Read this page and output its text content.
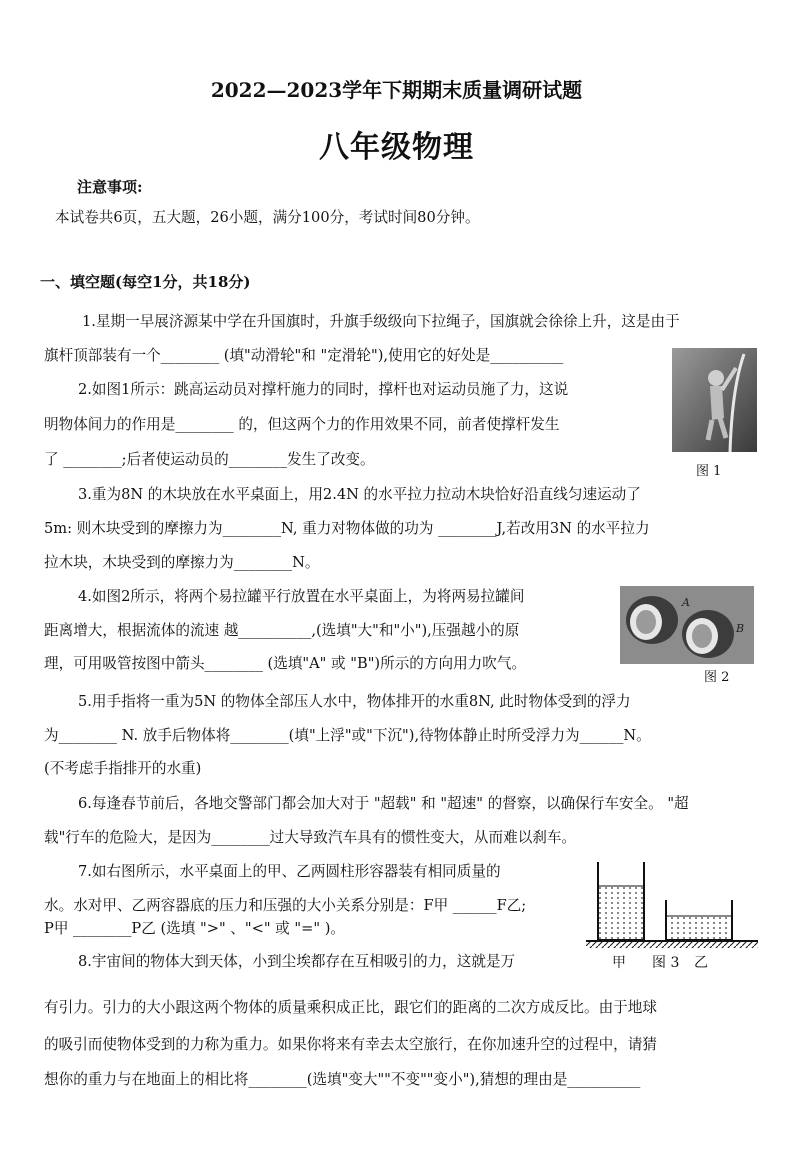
2022—2023学年下期期末质量调研试题
八年级物理
注意事项:
本试卷共6页，五大题，26小题，满分100分，考试时间80分钟。
一、填空题(每空1分，共18分)
1.星期一早展济源某中学在升国旗时，升旗手级级向下拉绳子，国旗就会徐徐上升，这是由于
旗杆顶部装有一个________ (填"动滑轮"和 "定滑轮"),使用它的好处是__________
2.如图1所示：跳高运动员对撑杆施力的同时，撑杆也对运动员施了力，这说
明物体间力的作用是________ 的，但这两个力的作用效果不同，前者使撑杆发生
了 ________;后者使运动员的________发生了改变。
3.重为8N 的木块放在水平桌面上，用2.4N 的水平拉力拉动木块恰好沿直线匀速运动了
5m: 则木块受到的摩擦力为________N, 重力对物体做的功为 ________J,若改用3N 的水平拉力
拉木块，木块受到的摩擦力为________N。
4.如图2所示，将两个易拉罐平行放置在水平桌面上，为将两易拉罐间
距离增大，根据流体的流速 越__________,(选填"大"和"小"),压强越小的原
理，可用吸管按图中箭头________ (选填"A" 或 "B")所示的方向用力吹气。
5.用手指将一重为5N 的物体全部压人水中，物体排开的水重8N, 此时物体受到的浮力
为________ N. 放手后物体将________(填"上浮"或"下沉"),待物体静止时所受浮力为______N。
(不考虑手指排开的水重)
6.每逢春节前后，各地交警部门都会加大对于 "超载" 和 "超速" 的督察，以确保行车安全。 "超
载"行车的危险大，是因为________过大导致汽车具有的惯性变大，从而难以刹车。
7.如右图所示，水平桌面上的甲、乙两圆柱形容器装有相同质量的
水。水对甲、乙两容器底的压力和压强的大小关系分别是：F甲 ______F乙;
P甲 ________P乙 (选填 ">" 、"<" 或 "=" )。
8.宇宙间的物体大到天体，小到尘埃都存在互相吸引的力，这就是万
有引力。引力的大小跟这两个物体的质量乘积成正比，跟它们的距离的二次方成反比。由于地球
的吸引而使物体受到的力称为重力。如果你将来有幸去太空旅行，在你加速升空的过程中，请猜
想你的重力与在地面上的相比将________(选填"变大""不变""变小"),猜想的理由是__________
图 1
A
B
图 2
甲 图 3 乙
